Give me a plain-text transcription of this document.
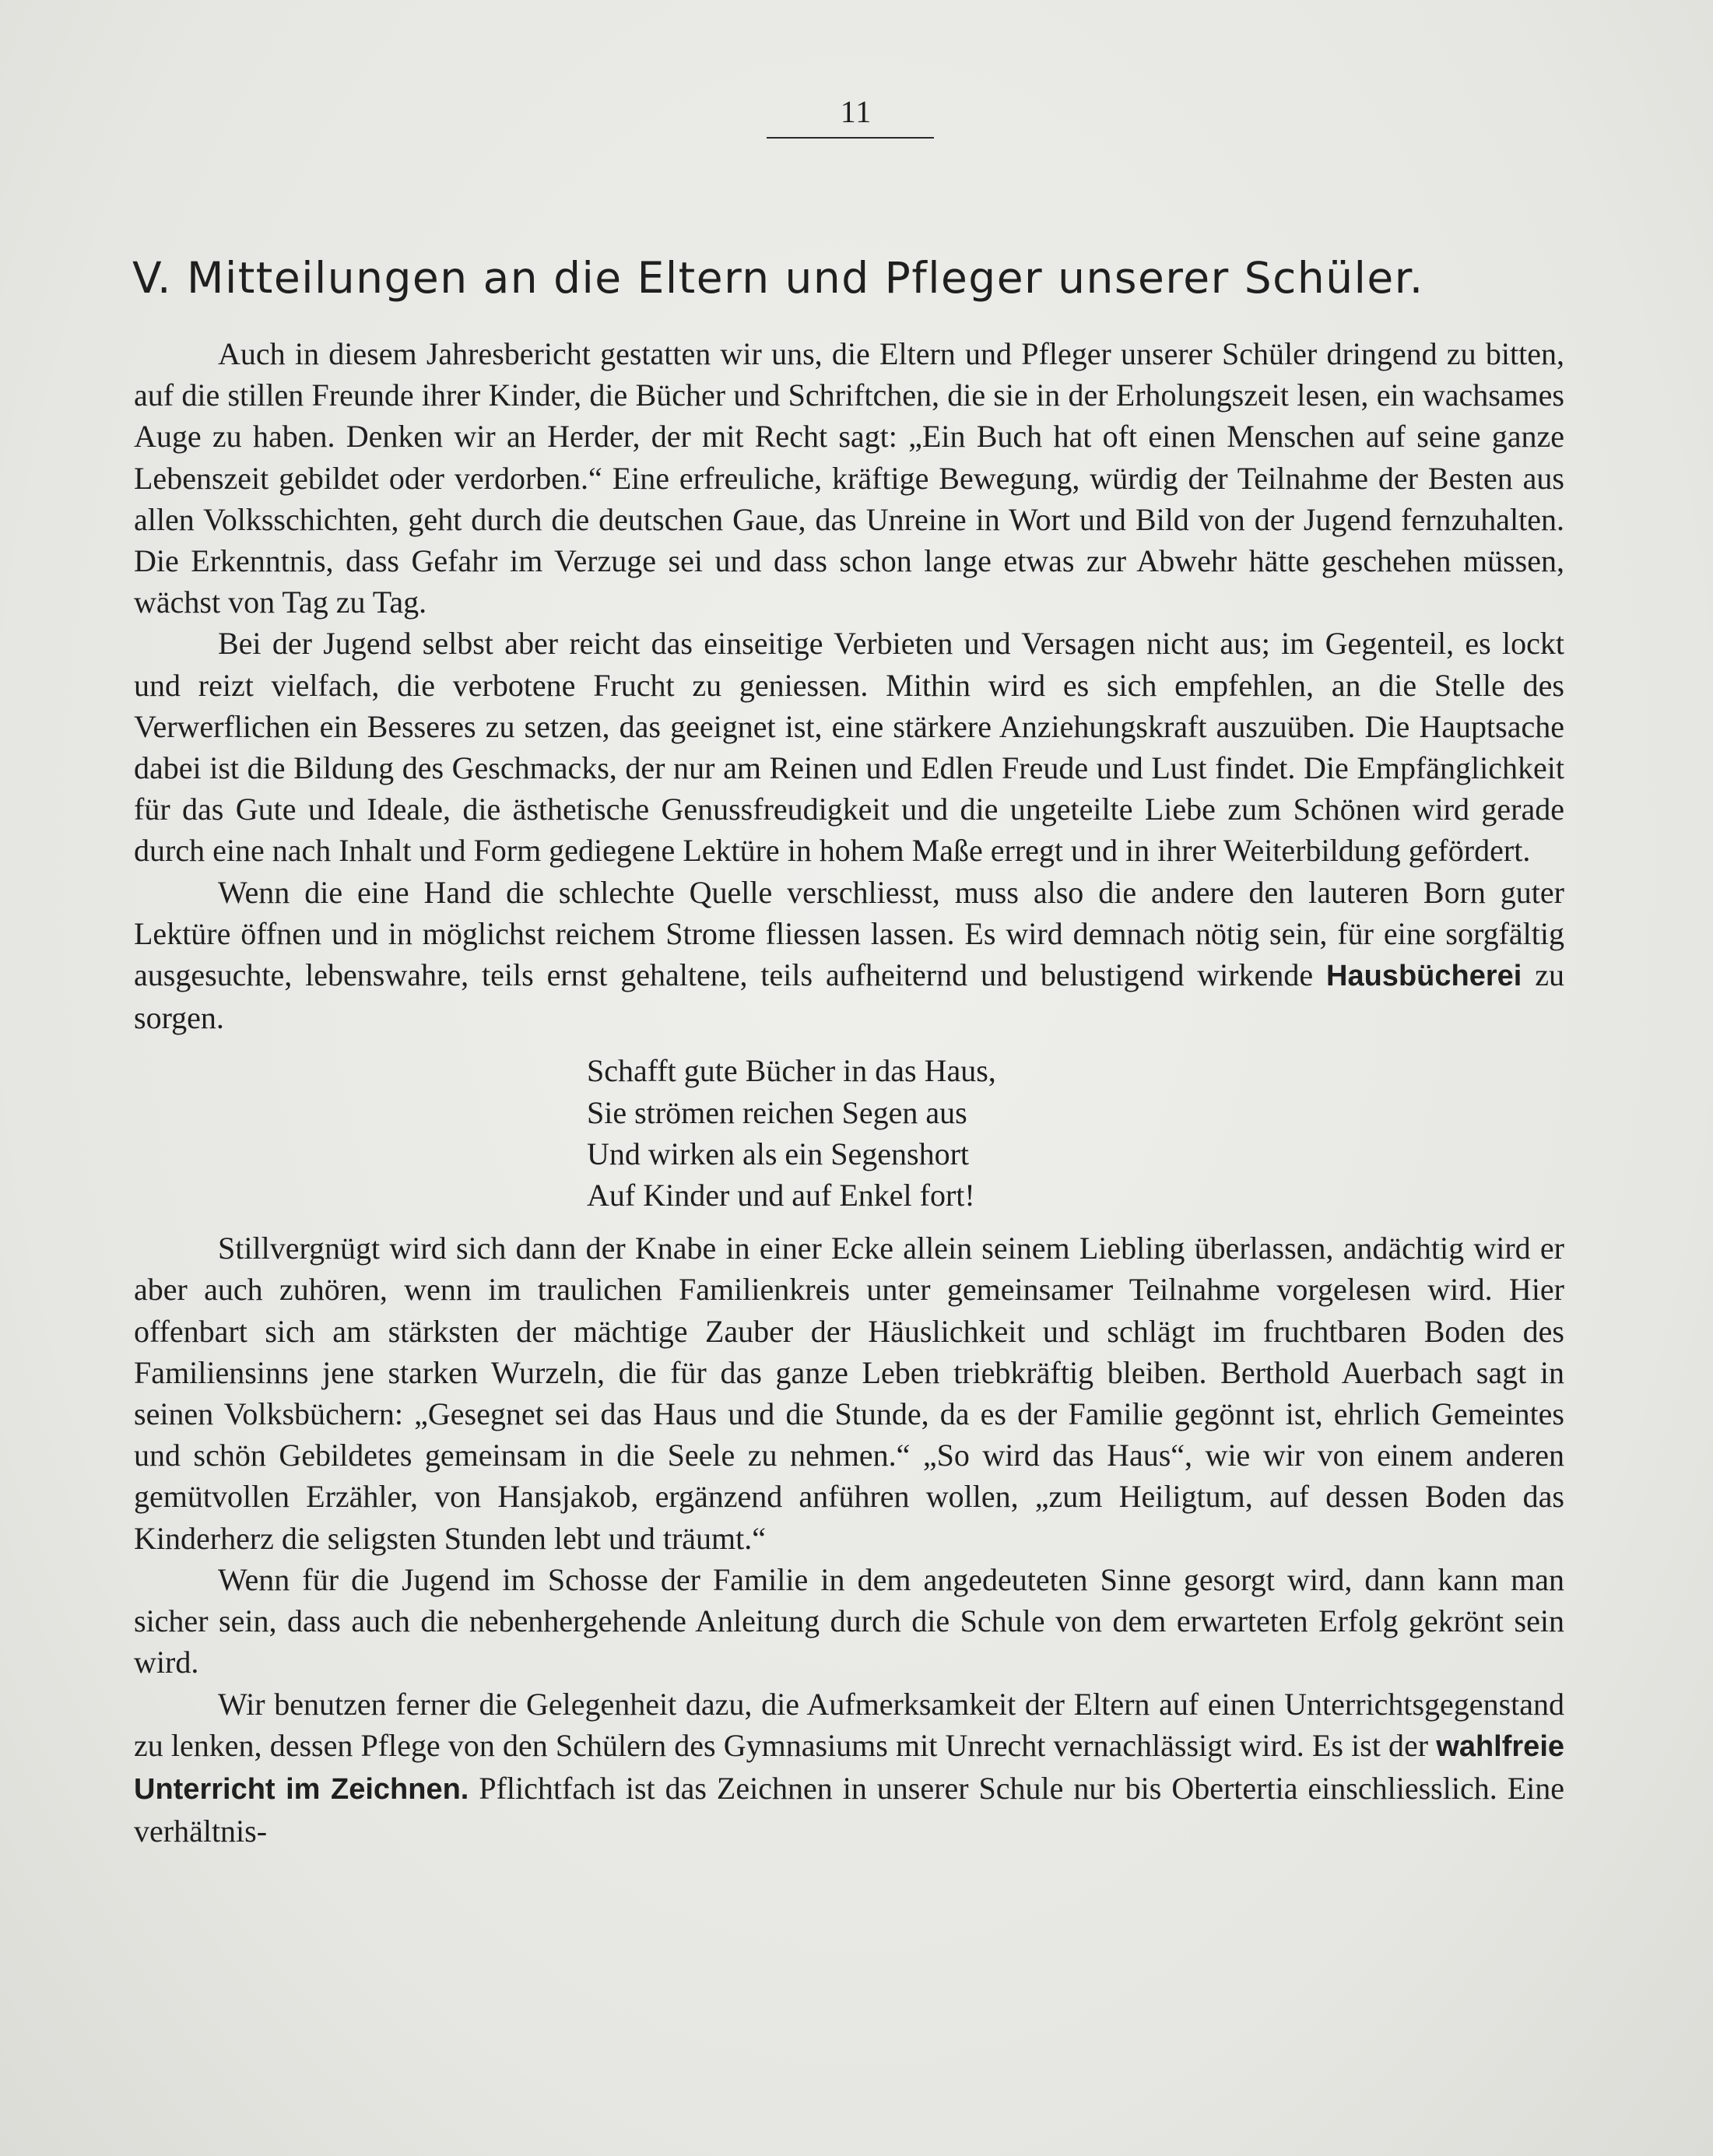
11
V. Mitteilungen an die Eltern und Pfleger unserer Schüler.

Auch in diesem Jahresbericht gestatten wir uns, die Eltern und Pfleger unserer Schüler dringend zu bitten, auf die stillen Freunde ihrer Kinder, die Bücher und Schriftchen, die sie in der Erholungszeit lesen, ein wachsames Auge zu haben. Denken wir an Herder, der mit Recht sagt: „Ein Buch hat oft einen Menschen auf seine ganze Lebenszeit gebildet oder verdorben.“ Eine erfreuliche, kräftige Bewegung, würdig der Teilnahme der Besten aus allen Volksschichten, geht durch die deutschen Gaue, das Unreine in Wort und Bild von der Jugend fernzuhalten. Die Erkenntnis, dass Gefahr im Verzuge sei und dass schon lange etwas zur Abwehr hätte geschehen müssen, wächst von Tag zu Tag.

Bei der Jugend selbst aber reicht das einseitige Verbieten und Versagen nicht aus; im Gegenteil, es lockt und reizt vielfach, die verbotene Frucht zu geniessen. Mithin wird es sich empfehlen, an die Stelle des Verwerflichen ein Besseres zu setzen, das geeignet ist, eine stärkere Anziehungskraft auszuüben. Die Hauptsache dabei ist die Bildung des Geschmacks, der nur am Reinen und Edlen Freude und Lust findet. Die Empfänglichkeit für das Gute und Ideale, die ästhetische Genussfreudigkeit und die ungeteilte Liebe zum Schönen wird gerade durch eine nach Inhalt und Form gediegene Lektüre in hohem Maße erregt und in ihrer Weiterbildung gefördert.

Wenn die eine Hand die schlechte Quelle verschliesst, muss also die andere den lauteren Born guter Lektüre öffnen und in möglichst reichem Strome fliessen lassen. Es wird demnach nötig sein, für eine sorgfältig ausgesuchte, lebenswahre, teils ernst gehaltene, teils aufheiternd und belustigend wirkende Hausbücherei zu sorgen.

Schafft gute Bücher in das Haus,
Sie strömen reichen Segen aus
Und wirken als ein Segenshort
Auf Kinder und auf Enkel fort!

Stillvergnügt wird sich dann der Knabe in einer Ecke allein seinem Liebling überlassen, andächtig wird er aber auch zuhören, wenn im traulichen Familienkreis unter gemeinsamer Teilnahme vorgelesen wird. Hier offenbart sich am stärksten der mächtige Zauber der Häuslichkeit und schlägt im fruchtbaren Boden des Familiensinns jene starken Wurzeln, die für das ganze Leben triebkräftig bleiben. Berthold Auerbach sagt in seinen Volksbüchern: „Gesegnet sei das Haus und die Stunde, da es der Familie gegönnt ist, ehrlich Gemeintes und schön Gebildetes gemeinsam in die Seele zu nehmen.“ „So wird das Haus“, wie wir von einem anderen gemütvollen Erzähler, von Hansjakob, ergänzend anführen wollen, „zum Heiligtum, auf dessen Boden das Kinderherz die seligsten Stunden lebt und träumt.“

Wenn für die Jugend im Schosse der Familie in dem angedeuteten Sinne gesorgt wird, dann kann man sicher sein, dass auch die nebenhergehende Anleitung durch die Schule von dem erwarteten Erfolg gekrönt sein wird.

Wir benutzen ferner die Gelegenheit dazu, die Aufmerksamkeit der Eltern auf einen Unterrichtsgegenstand zu lenken, dessen Pflege von den Schülern des Gymnasiums mit Unrecht vernachlässigt wird. Es ist der wahlfreie Unterricht im Zeichnen. Pflichtfach ist das Zeichnen in unserer Schule nur bis Obertertia einschliesslich. Eine verhältnis-
